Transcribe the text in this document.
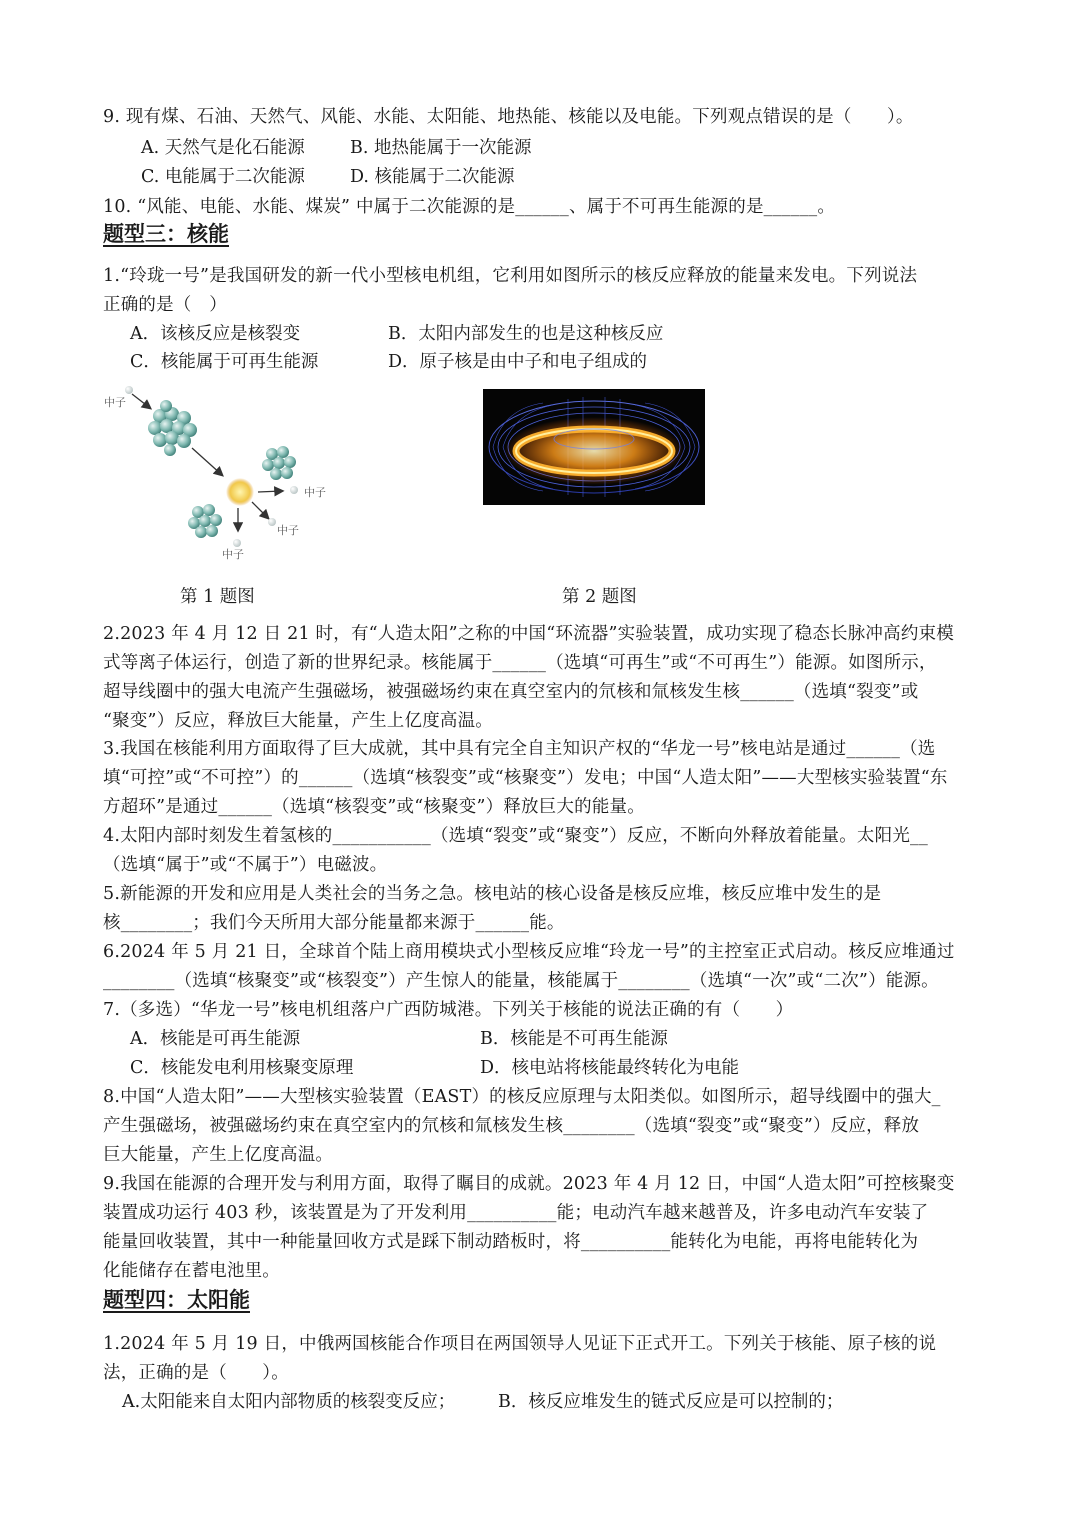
9. 现有煤、石油、天然气、风能、水能、太阳能、地热能、核能以及电能。下列观点错误的是（　　）。
A. 天然气是化石能源	B. 地热能属于一次能源
C. 电能属于二次能源	D. 核能属于二次能源
10. “风能、电能、水能、煤炭” 中属于二次能源的是______、属于不可再生能源的是______。
题型三：核能
1.“玲珑一号”是我国研发的新一代小型核电机组，它利用如图所示的核反应释放的能量来发电。下列说法
正确的是（　）
A．该核反应是核裂变	B．太阳内部发生的也是这种核反应
C．核能属于可再生能源	D．原子核是由中子和电子组成的
中子
中子
中子
中子
第 1 题图	第 2 题图
2.2023 年 4 月 12 日 21 时，有“人造太阳”之称的中国“环流器”实验装置，成功实现了稳态长脉冲高约束模
式等离子体运行，创造了新的世界纪录。核能属于______（选填“可再生”或“不可再生”）能源。如图所示，
超导线圈中的强大电流产生强磁场，被强磁场约束在真空室内的氘核和氚核发生核______（选填“裂变”或
“聚变”）反应，释放巨大能量，产生上亿度高温。
3.我国在核能利用方面取得了巨大成就，其中具有完全自主知识产权的“华龙一号”核电站是通过______（选
填“可控”或“不可控”）的______（选填“核裂变”或“核聚变”）发电；中国“人造太阳”——大型核实验装置“东
方超环”是通过______（选填“核裂变”或“核聚变”）释放巨大的能量。
4.太阳内部时刻发生着氢核的___________（选填“裂变”或“聚变”）反应，不断向外释放着能量。太阳光__
（选填“属于”或“不属于”）电磁波。
5.新能源的开发和应用是人类社会的当务之急。核电站的核心设备是核反应堆，核反应堆中发生的是
核________；我们今天所用大部分能量都来源于______能。
6.2024 年 5 月 21 日，全球首个陆上商用模块式小型核反应堆“玲龙一号”的主控室正式启动。核反应堆通过
________（选填“核聚变”或“核裂变”）产生惊人的能量，核能属于________（选填“一次”或“二次”）能源。
7.（多选）“华龙一号”核电机组落户广西防城港。下列关于核能的说法正确的有（　　）
A．核能是可再生能源	B．核能是不可再生能源
C．核能发电利用核聚变原理	D．核电站将核能最终转化为电能
8.中国“人造太阳”——大型核实验装置（EAST）的核反应原理与太阳类似。如图所示，超导线圈中的强大_
产生强磁场，被强磁场约束在真空室内的氘核和氚核发生核________（选填“裂变”或“聚变”）反应，释放
巨大能量，产生上亿度高温。
9.我国在能源的合理开发与利用方面，取得了瞩目的成就。2023 年 4 月 12 日，中国“人造太阳”可控核聚变
装置成功运行 403 秒，该装置是为了开发利用__________能；电动汽车越来越普及，许多电动汽车安装了
能量回收装置，其中一种能量回收方式是踩下制动踏板时，将__________能转化为电能，再将电能转化为
化能储存在蓄电池里。
题型四：太阳能
1.2024 年 5 月 19 日，中俄两国核能合作项目在两国领导人见证下正式开工。下列关于核能、原子核的说
法，正确的是（　　）。
A.太阳能来自太阳内部物质的核裂变反应； B．核反应堆发生的链式反应是可以控制的；
